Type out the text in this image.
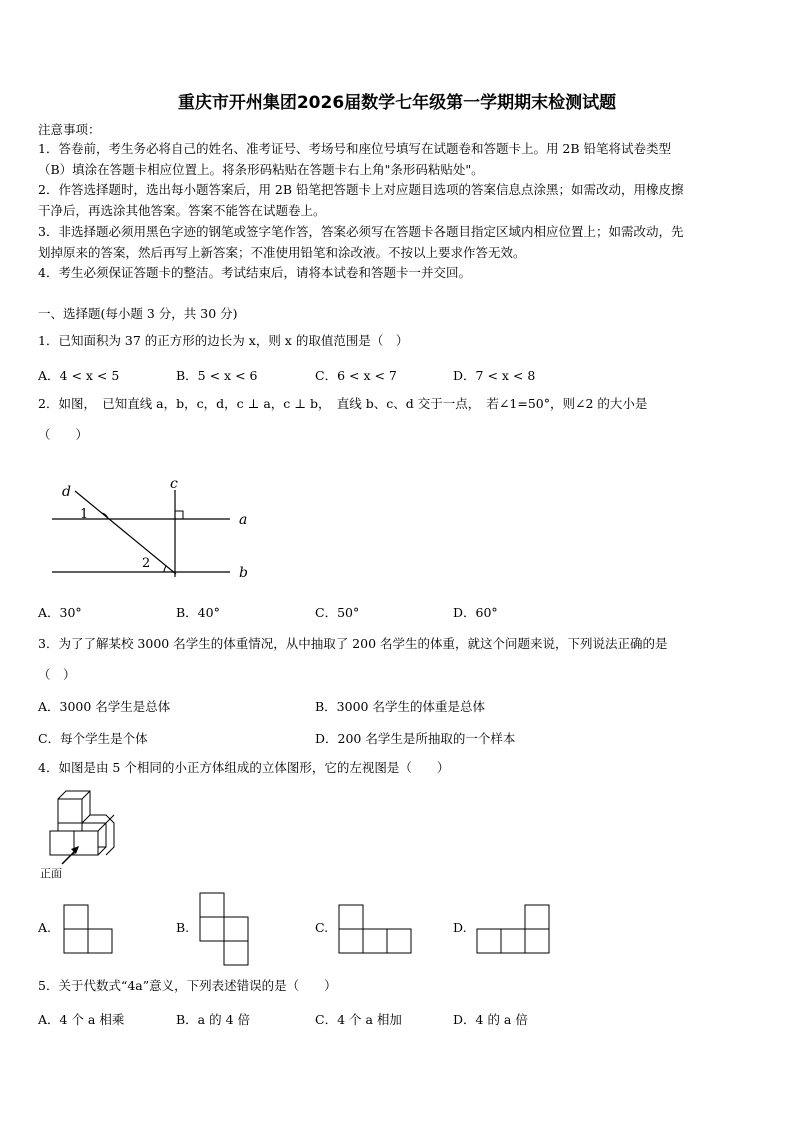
重庆市开州集团2026届数学七年级第一学期期末检测试题
注意事项：
1．答卷前，考生务必将自己的姓名、准考证号、考场号和座位号填写在试题卷和答题卡上。用 2B 铅笔将试卷类型
（B）填涂在答题卡相应位置上。将条形码粘贴在答题卡右上角"条形码粘贴处"。
2．作答选择题时，选出每小题答案后，用 2B 铅笔把答题卡上对应题目选项的答案信息点涂黑；如需改动，用橡皮擦
干净后，再选涂其他答案。答案不能答在试题卷上。
3．非选择题必须用黑色字迹的钢笔或签字笔作答，答案必须写在答题卡各题目指定区域内相应位置上；如需改动，先
划掉原来的答案，然后再写上新答案；不准使用铅笔和涂改液。不按以上要求作答无效。
4．考生必须保证答题卡的整洁。考试结束后，请将本试卷和答题卡一并交回。
一、选择题(每小题 3 分，共 30 分)
1．已知面积为 37 的正方形的边长为 x，则 x 的取值范围是（　）
A．4 < x < 5	B．5 < x < 6	C．6 < x < 7	D．7 < x < 8
2．如图，　已知直线 a，b，c，d，c ⊥ a，c ⊥ b，　直线 b、c、d 交于一点，　若∠1=50°，则∠2 的大小是
（　　）
d	c
a
b
1
2
A．30°	B．40°	C．50°	D．60°
3．为了了解某校 3000 名学生的体重情况，从中抽取了 200 名学生的体重，就这个问题来说，下列说法正确的是
（　）
A．3000 名学生是总体	B．3000 名学生的体重是总体
C．每个学生是个体	D．200 名学生是所抽取的一个样本
4．如图是由 5 个相同的小正方体组成的立体图形，它的左视图是（　　）
正面
A.	B.	C.	D.
5．关于代数式“4a”意义，下列表述错误的是（　　）
A．4 个 a 相乘	B．a 的 4 倍	C．4 个 a 相加	D．4 的 a 倍
